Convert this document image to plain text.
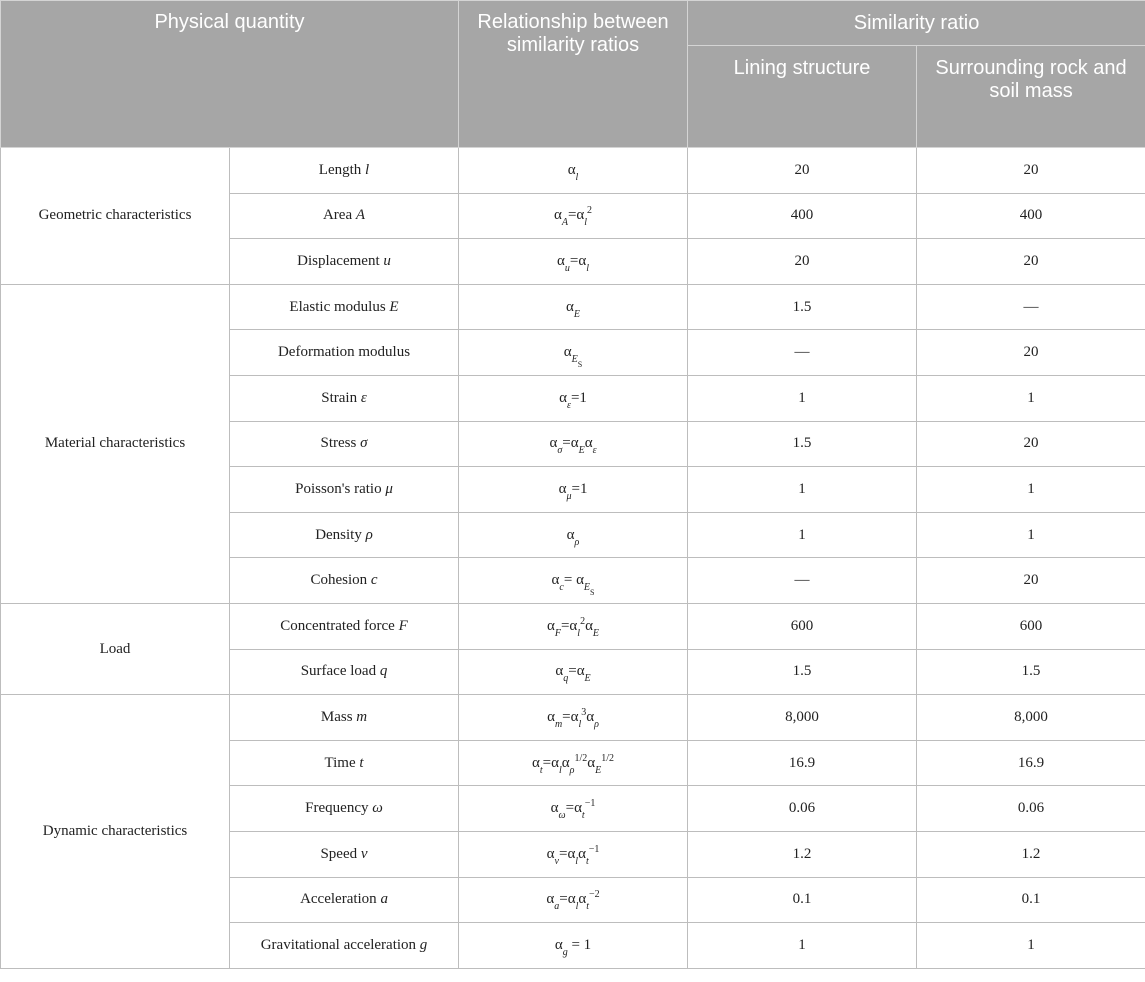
Physical quantity		Relationship between similarity ratios	Similarity ratio	
			Lining structure	Surrounding rock and soil mass
Geometric characteristics	Length l	$\alpha_l$	20	20
	Area A	$\alpha_A=\alpha_l^2$	400	400
	Displacement u	$\alpha_u=\alpha_l$	20	20
Material characteristics	Elastic modulus E	$\alpha_E$	1.5	—
	Deformation modulus	$\alpha_{E_S}$	—	20
	Strain ε	$\alpha_\varepsilon=1$	1	1
	Stress σ	$\alpha_\sigma=\alpha_E\alpha_\varepsilon$	1.5	20
	Poisson's ratio μ	$\alpha_\mu=1$	1	1
	Density ρ	$\alpha_\rho$	1	1
	Cohesion c	$\alpha_c= \alpha_{E_S}$	—	20
Load	Concentrated force F	$\alpha_F=\alpha_l^2\alpha_E$	600	600
	Surface load q	$\alpha_q=\alpha_E$	1.5	1.5
Dynamic characteristics	Mass m	$\alpha_m=\alpha_l^3\alpha_\rho$	8,000	8,000
	Time t	$\alpha_t=\alpha_l\alpha_\rho^{1/2}\alpha_E^{1/2}$	16.9	16.9
	Frequency ω	$\alpha_\omega=\alpha_t^{-1}$	0.06	0.06
	Speed v	$\alpha_v=\alpha_l\alpha_t^{-1}$	1.2	1.2
	Acceleration a	$\alpha_a=\alpha_l\alpha_t^{-2}$	0.1	0.1
	Gravitational acceleration g	$\alpha_g = 1$	1	1
